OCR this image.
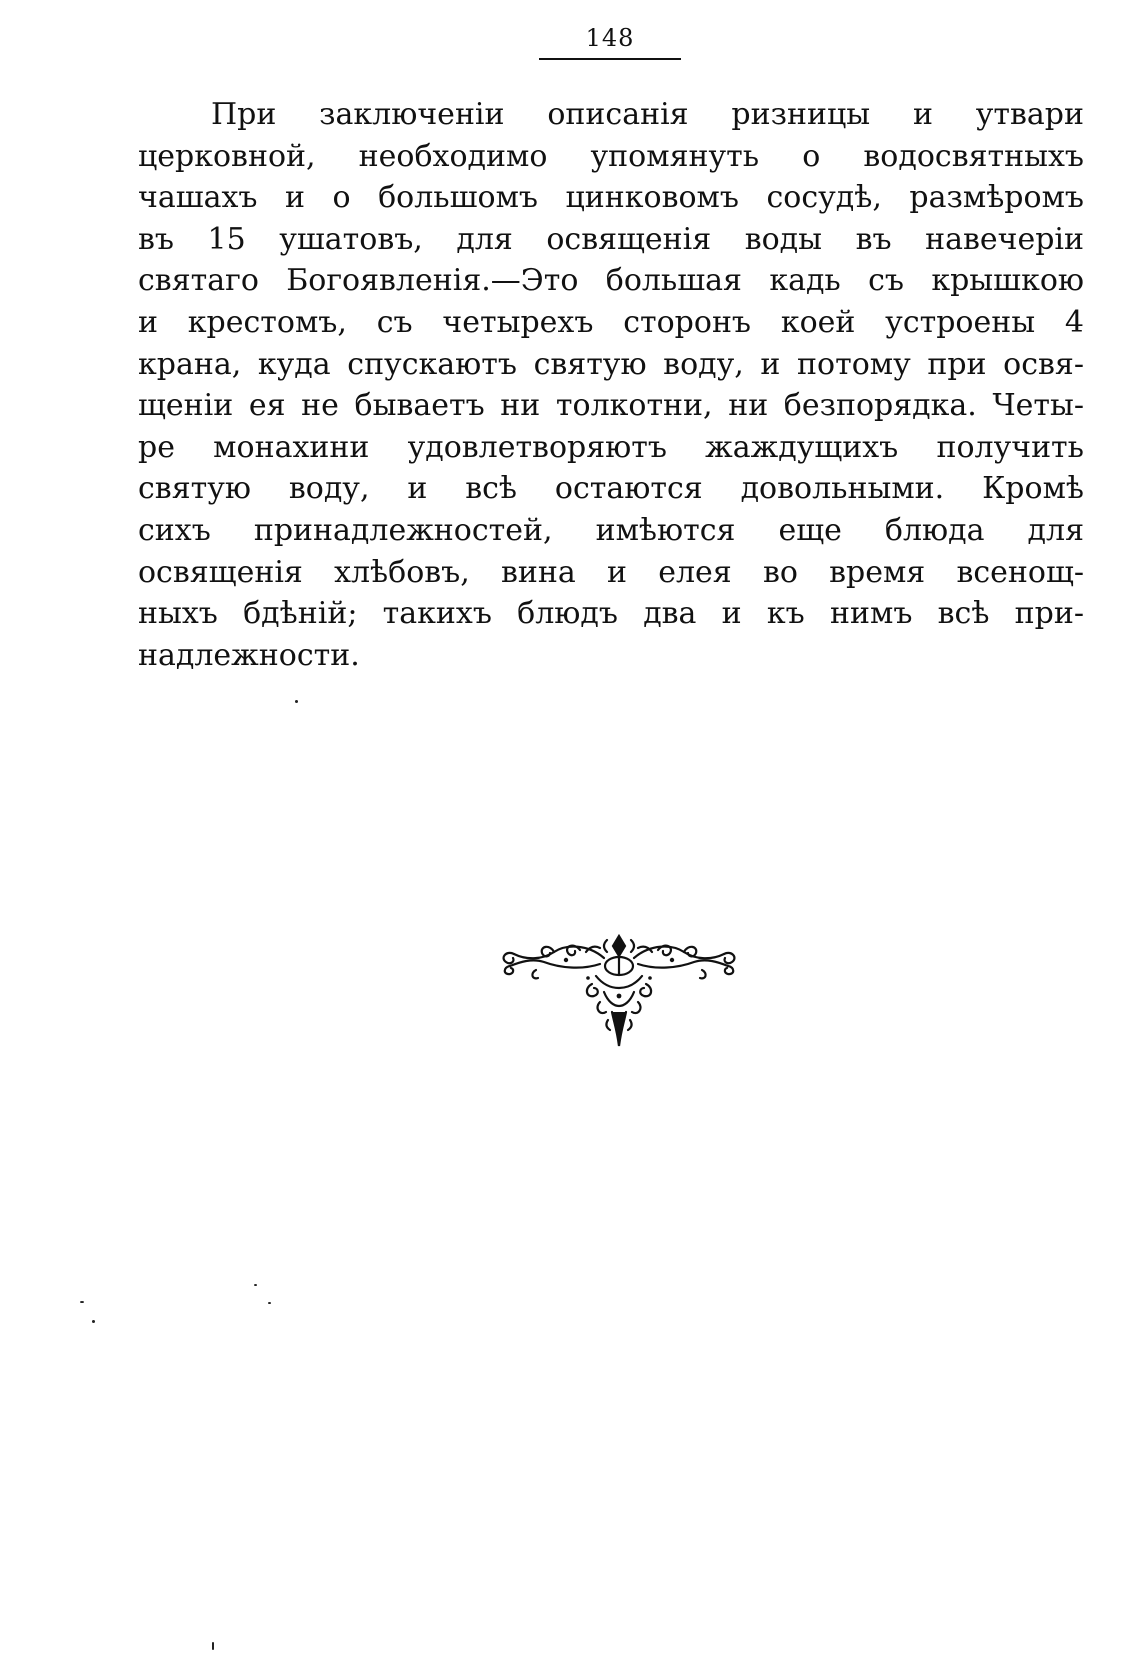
148
При заключенiи описанiя ризницы и утвари
церковной, необходимо упомянуть о водосвятныхъ
чашахъ и о большомъ цинковомъ сосудѣ, размѣромъ
въ 15 ушатовъ, для освященiя воды въ навечерiи
святаго Богоявленiя.—Это большая кадь съ крышкою
и крестомъ, съ четырехъ сторонъ коей устроены 4
крана, куда спускаютъ святую воду, и потому при освя-
щенiи ея не бываетъ ни толкотни, ни безпорядка. Четы-
ре монахини удовлетворяютъ жаждущихъ получить
святую воду, и всѣ остаются довольными. Кромѣ
сихъ принадлежностей, имѣются еще блюда для
освященiя хлѣбовъ, вина и елея во время всенощ-
ныхъ бдѣнiй; такихъ блюдъ два и къ нимъ всѣ при-
надлежности.
